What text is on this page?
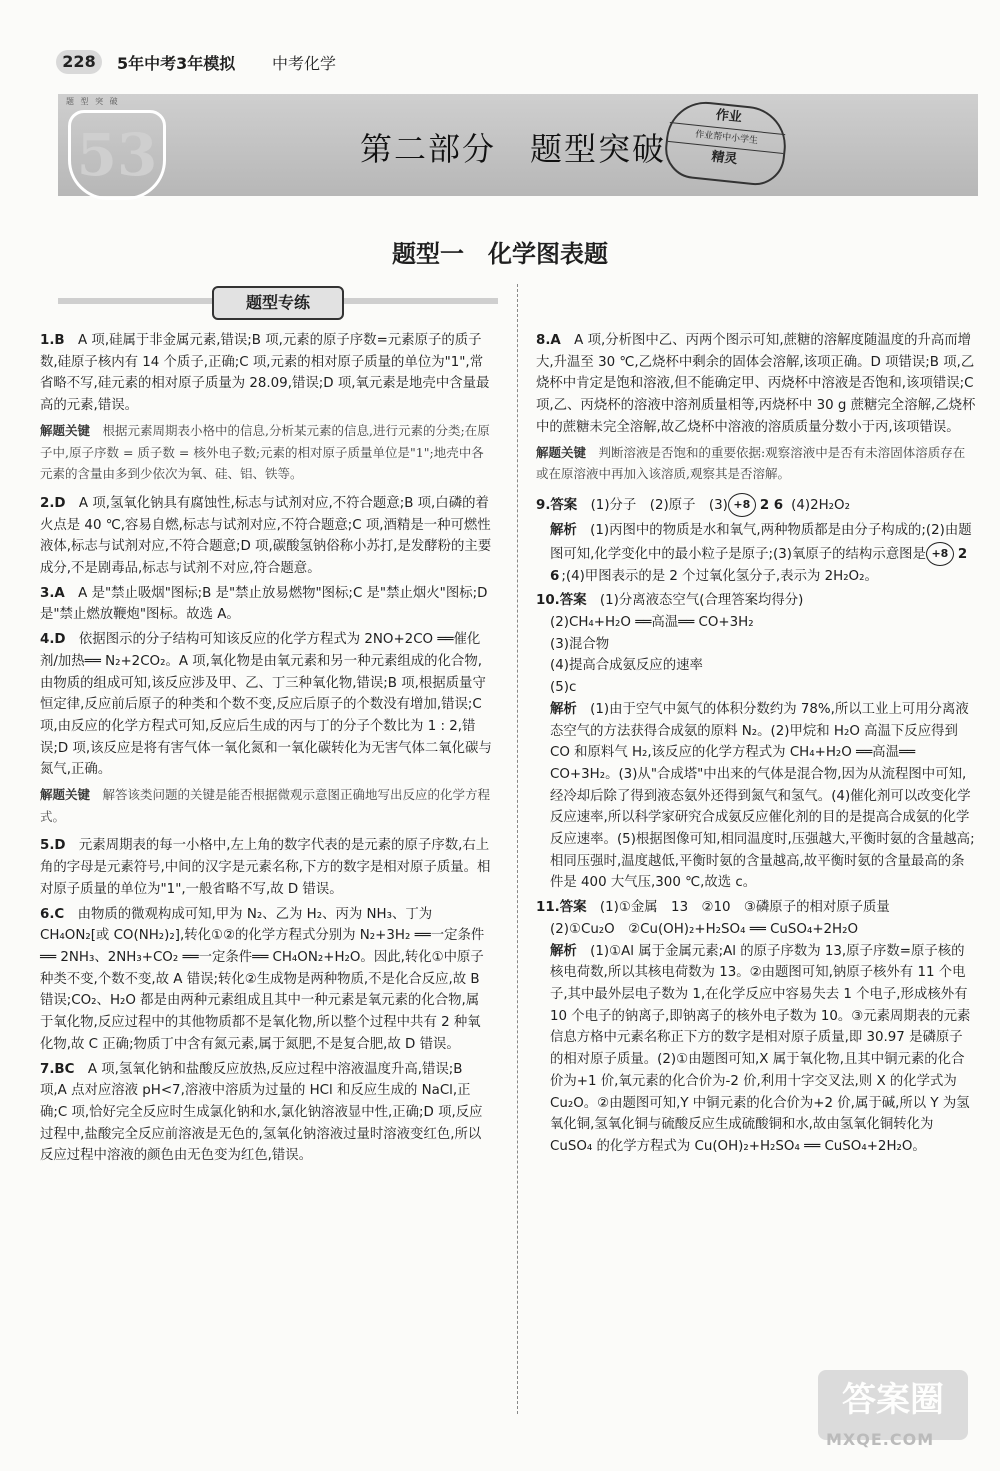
228	5年中考3年模拟 中考化学
题 型 突 破
53	第二部分　题型突破
作业
作业帮中小学生
精灵
题型一　化学图表题
题型专练

1.B　 A 项,硅属于非金属元素,错误;B 项,元素的原子序数=元素原子的质子数,硅原子核内有 14 个质子,正确;C 项,元素的相对原子质量的单位为"1",常省略不写,硅元素的相对原子质量为 28.09,错误;D 项,氧元素是地壳中含量最高的元素,错误。

解题关键　 根据元素周期表小格中的信息,分析某元素的信息,进行元素的分类;在原子中,原子序数 = 质子数 = 核外电子数;元素的相对原子质量单位是"1";地壳中各元素的含量由多到少依次为氧、硅、铝、铁等。

2.D　 A 项,氢氧化钠具有腐蚀性,标志与试剂对应,不符合题意;B 项,白磷的着火点是 40 ℃,容易自燃,标志与试剂对应,不符合题意;C 项,酒精是一种可燃性液体,标志与试剂对应,不符合题意;D 项,碳酸氢钠俗称小苏打,是发酵粉的主要成分,不是剧毒品,标志与试剂不对应,符合题意。

3.A　 A 是"禁止吸烟"图标;B 是"禁止放易燃物"图标;C 是"禁止烟火"图标;D 是"禁止燃放鞭炮"图标。故选 A。

4.D　 依据图示的分子结构可知该反应的化学方程式为 2NO+2CO ══催化剂/加热══ N₂+2CO₂。A 项,氧化物是由氧元素和另一种元素组成的化合物,由物质的组成可知,该反应涉及甲、乙、丁三种氧化物,错误;B 项,根据质量守恒定律,反应前后原子的种类和个数不变,反应后原子的个数没有增加,错误;C 项,由反应的化学方程式可知,反应后生成的丙与丁的分子个数比为 1 : 2,错误;D 项,该反应是将有害气体一氧化氮和一氧化碳转化为无害气体二氧化碳与氮气,正确。

解题关键　 解答该类问题的关键是能否根据微观示意图正确地写出反应的化学方程式。

5.D　 元素周期表的每一小格中,左上角的数字代表的是元素的原子序数,右上角的字母是元素符号,中间的汉字是元素名称,下方的数字是相对原子质量。相对原子质量的单位为"1",一般省略不写,故 D 错误。

6.C　 由物质的微观构成可知,甲为 N₂、乙为 H₂、丙为 NH₃、丁为 CH₄ON₂[或 CO(NH₂)₂],转化①②的化学方程式分别为 N₂+3H₂ ══一定条件══ 2NH₃、2NH₃+CO₂ ══一定条件══ CH₄ON₂+H₂O。因此,转化①中原子种类不变,个数不变,故 A 错误;转化②生成物是两种物质,不是化合反应,故 B 错误;CO₂、H₂O 都是由两种元素组成且其中一种元素是氧元素的化合物,属于氧化物,反应过程中的其他物质都不是氧化物,所以整个过程中共有 2 种氧化物,故 C 正确;物质丁中含有氮元素,属于氮肥,不是复合肥,故 D 错误。

7.BC　 A 项,氢氧化钠和盐酸反应放热,反应过程中溶液温度升高,错误;B 项,A 点对应溶液 pH<7,溶液中溶质为过量的 HCl 和反应生成的 NaCl,正确;C 项,恰好完全反应时生成氯化钠和水,氯化钠溶液显中性,正确;D 项,反应过程中,盐酸完全反应前溶液是无色的,氢氧化钠溶液过量时溶液变红色,所以反应过程中溶液的颜色由无色变为红色,错误。

8.A　 A 项,分析图中乙、丙两个图示可知,蔗糖的溶解度随温度的升高而增大,升温至 30 ℃,乙烧杯中剩余的固体会溶解,该项正确。D 项错误;B 项,乙烧杯中肯定是饱和溶液,但不能确定甲、丙烧杯中溶液是否饱和,该项错误;C 项,乙、丙烧杯的溶液中溶剂质量相等,丙烧杯中 30 g 蔗糖完全溶解,乙烧杯中的蔗糖未完全溶解,故乙烧杯中溶液的溶质质量分数小于丙,该项错误。

解题关键　 判断溶液是否饱和的重要依据:观察溶液中是否有未溶固体溶质存在或在原溶液中再加入该溶质,观察其是否溶解。

9.答案　 (1)分子　(2)原子　(3) +8 2 6 (4)2H₂O₂

解析　 (1)丙图中的物质是水和氧气,两种物质都是由分子构成的;(2)由题图可知,化学变化中的最小粒子是原子;(3)氧原子的结构示意图是 +8 2 6 ;(4)甲图表示的是 2 个过氧化氢分子,表示为 2H₂O₂。

10.答案　 (1)分离液态空气(合理答案均得分)

(2)CH₄+H₂O ══高温══ CO+3H₂

(3)混合物

(4)提高合成氨反应的速率

(5)c

解析　 (1)由于空气中氮气的体积分数约为 78%,所以工业上可用分离液态空气的方法获得合成氨的原料 N₂。(2)甲烷和 H₂O 高温下反应得到 CO 和原料气 H₂,该反应的化学方程式为 CH₄+H₂O ══高温══ CO+3H₂。(3)从"合成塔"中出来的气体是混合物,因为从流程图中可知,经冷却后除了得到液态氨外还得到氮气和氢气。(4)催化剂可以改变化学反应速率,所以科学家研究合成氨反应催化剂的目的是提高合成氨的化学反应速率。(5)根据图像可知,相同温度时,压强越大,平衡时氨的含量越高;相同压强时,温度越低,平衡时氨的含量越高,故平衡时氨的含量最高的条件是 400 大气压,300 ℃,故选 c。

11.答案　 (1)①金属　13　②10　③磷原子的相对原子质量

(2)①Cu₂O　②Cu(OH)₂+H₂SO₄ ══ CuSO₄+2H₂O

解析　 (1)①Al 属于金属元素;Al 的原子序数为 13,原子序数=原子核的核电荷数,所以其核电荷数为 13。②由题图可知,钠原子核外有 11 个电子,其中最外层电子数为 1,在化学反应中容易失去 1 个电子,形成核外有 10 个电子的钠离子,即钠离子的核外电子数为 10。③元素周期表的元素信息方格中元素名称正下方的数字是相对原子质量,即 30.97 是磷原子的相对原子质量。(2)①由题图可知,X 属于氧化物,且其中铜元素的化合价为+1 价,氧元素的化合价为-2 价,利用十字交叉法,则 X 的化学式为 Cu₂O。②由题图可知,Y 中铜元素的化合价为+2 价,属于碱,所以 Y 为氢氧化铜,氢氧化铜与硫酸反应生成硫酸铜和水,故由氢氧化铜转化为 CuSO₄ 的化学方程式为 Cu(OH)₂+H₂SO₄ ══ CuSO₄+2H₂O。

答案圈
MXQE.COM
